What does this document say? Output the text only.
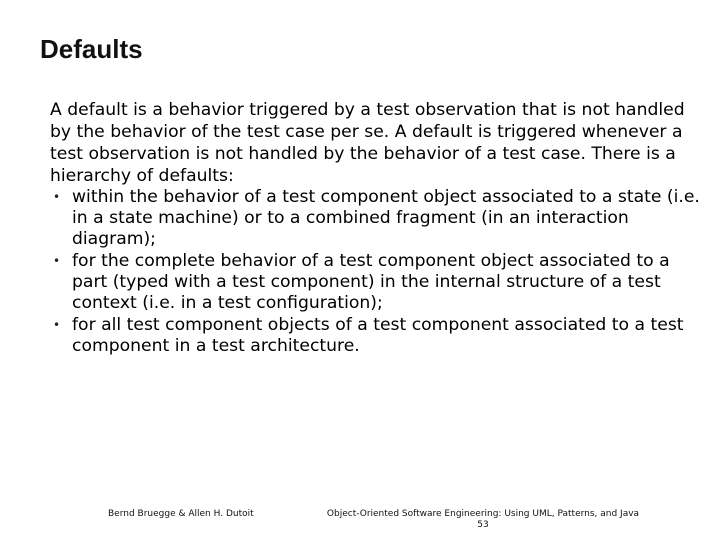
Defaults

A default is a behavior triggered by a test observation that is not handled by the behavior of the test case per se. A default is triggered whenever a test observation is not handled by the behavior of a test case. There is a hierarchy of defaults:

• within the behavior of a test component object associated to a state (i.e. in a state machine) or to a combined fragment (in an interaction diagram);
• for the complete behavior of a test component object associated to a part (typed with a test component) in the internal structure of a test context (i.e. in a test configuration);
• for all test component objects of a test component associated to a test component in a test architecture.
Bernd Bruegge & Allen H. Dutoit	Object-Oriented Software Engineering: Using UML, Patterns, and Java
53
